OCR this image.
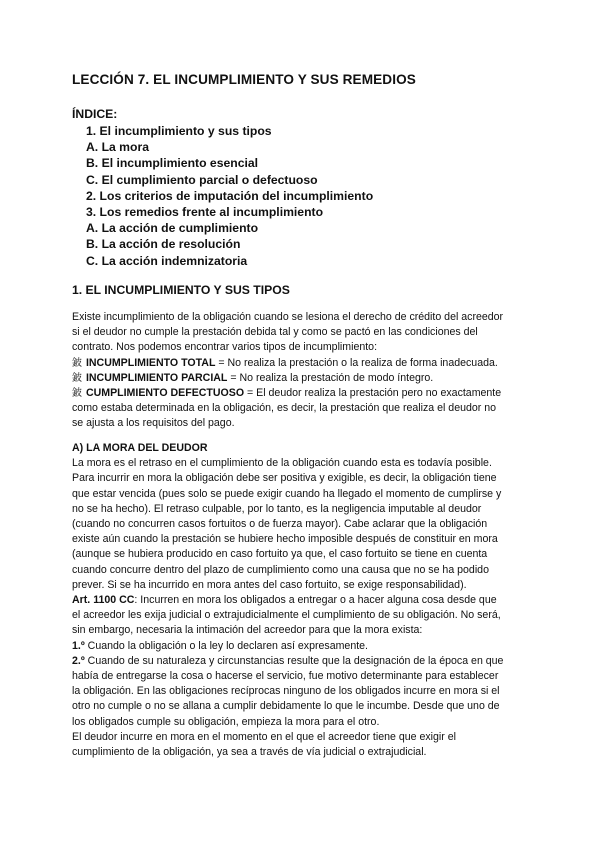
LECCIÓN 7. EL INCUMPLIMIENTO Y SUS REMEDIOS
ÍNDICE:
1. El incumplimiento y sus tipos
A. La mora
B. El incumplimiento esencial
C. El cumplimiento parcial o defectuoso
2. Los criterios de imputación del incumplimiento
3. Los remedios frente al incumplimiento
A. La acción de cumplimiento
B. La acción de resolución
C. La acción indemnizatoria
1. EL INCUMPLIMIENTO Y SUS TIPOS

Existe incumplimiento de la obligación cuando se lesiona el derecho de crédito del acreedor

si el deudor no cumple la prestación debida tal y como se pactó en las condiciones del

contrato. Nos podemos encontrar varios tipos de incumplimiento:

鈹 INCUMPLIMIENTO TOTAL = No realiza la prestación o la realiza de forma inadecuada.

鈹 INCUMPLIMIENTO PARCIAL = No realiza la prestación de modo íntegro.

鈹 CUMPLIMIENTO DEFECTUOSO = El deudor realiza la prestación pero no exactamente

como estaba determinada en la obligación, es decir, la prestación que realiza el deudor no

se ajusta a los requisitos del pago.

A) LA MORA DEL DEUDOR

La mora es el retraso en el cumplimiento de la obligación cuando esta es todavía posible.

Para incurrir en mora la obligación debe ser positiva y exigible, es decir, la obligación tiene

que estar vencida (pues solo se puede exigir cuando ha llegado el momento de cumplirse y

no se ha hecho). El retraso culpable, por lo tanto, es la negligencia imputable al deudor

(cuando no concurren casos fortuitos o de fuerza mayor). Cabe aclarar que la obligación

existe aún cuando la prestación se hubiere hecho imposible después de constituir en mora

(aunque se hubiera producido en caso fortuito ya que, el caso fortuito se tiene en cuenta

cuando concurre dentro del plazo de cumplimiento como una causa que no se ha podido

prever. Si se ha incurrido en mora antes del caso fortuito, se exige responsabilidad).

Art. 1100 CC: Incurren en mora los obligados a entregar o a hacer alguna cosa desde que

el acreedor les exija judicial o extrajudicialmente el cumplimiento de su obligación. No será,

sin embargo, necesaria la intimación del acreedor para que la mora exista:

1.º Cuando la obligación o la ley lo declaren así expresamente.

2.º Cuando de su naturaleza y circunstancias resulte que la designación de la época en que

había de entregarse la cosa o hacerse el servicio, fue motivo determinante para establecer

la obligación. En las obligaciones recíprocas ninguno de los obligados incurre en mora si el

otro no cumple o no se allana a cumplir debidamente lo que le incumbe. Desde que uno de

los obligados cumple su obligación, empieza la mora para el otro.

El deudor incurre en mora en el momento en el que el acreedor tiene que exigir el

cumplimiento de la obligación, ya sea a través de vía judicial o extrajudicial.
